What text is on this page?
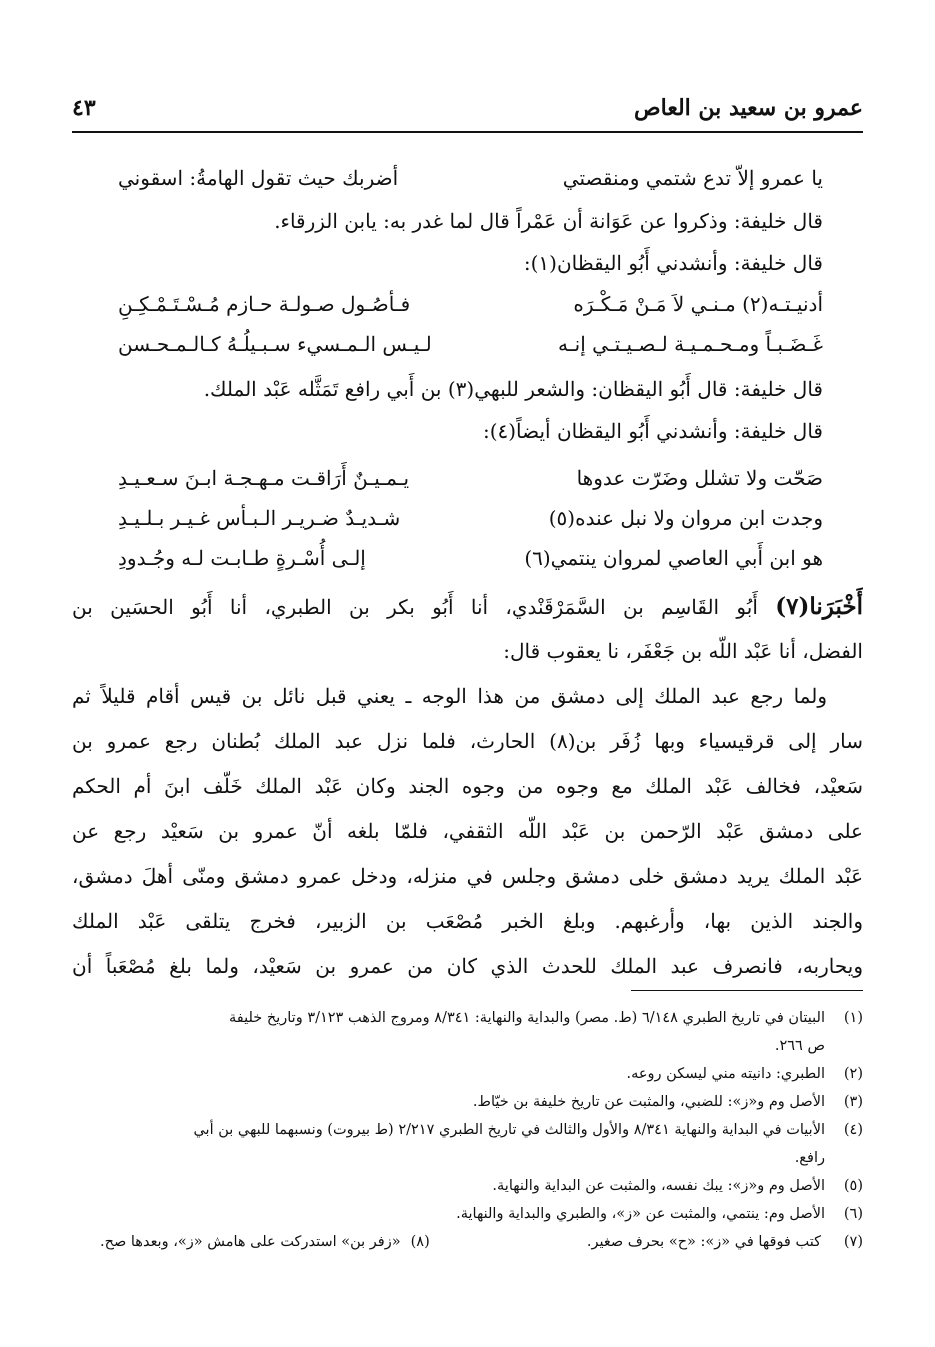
عمرو بن سعيد بن العاص
٤٣
يا عمرو إلاّ تدع شتمي ومنقصتي
أضربك حيث تقول الهامةُ: اسقوني
قال خليفة: وذكروا عن عَوَانة أن عَمْراً قال لما غدر به: يابن الزرقاء.
قال خليفة: وأنشدني أَبُو اليقظان(١):
أدنيـتـه(٢) مـنـي لاَ مَـنْ مَـكْـرَه
فـأصُـول صـولـة حـازم مُـسْـتَـمْـكِـنِ
غَـضَـبـاً ومـحـمـيـة لـصـيـتـي إنـه
لـيـس الـمـسيء سـبـيلُـهُ كـالـمـحـسن
قال خليفة: قال أَبُو اليقظان: والشعر للبهي(٣) بن أَبي رافع تَمَثَّله عَبْد الملك.
قال خليفة: وأنشدني أَبُو اليقظان أيضاً(٤):
صَحّت ولا تشلل وضَرّت عدوها
يـمـيـنٌ أَرَاقـت مـهـجـة ابـنَ سـعـيـدِ
وجدت ابن مروان ولا نبل عنده(٥)
شـديـدٌ ضـريـر الـبـأس غـيـر بـلـيـدِ
هو ابن أَبي العاصي لمروان ينتمي(٦)
إلـى أُسْـرةٍ طـابـت لـه وجُـدودِ
أَخْبَرَنا(٧) أَبُو القَاسِم بن السَّمَرْقَنْدي، أنا أَبُو بكر بن الطبري، أنا أَبُو الحسَين بن
الفضل، أنا عَبْد اللّه بن جَعْفَر، نا يعقوب قال:
ولما رجع عبد الملك إلى دمشق من هذا الوجه ـ يعني قبل نائل بن قيس أقام قليلاً ثم
سار إلى قرقيسياء وبها زُفَر بن(٨) الحارث، فلما نزل عبد الملك بُطنان رجع عمرو بن
سَعيْد، فخالف عَبْد الملك مع وجوه من وجوه الجند وكان عَبْد الملك خَلّف ابنَ أم الحكم
على دمشق عَبْد الرّحمن بن عَبْد اللّه الثقفي، فلمّا بلغه أنّ عمرو بن سَعيْد رجع عن
عَبْد الملك يريد دمشق خلى دمشق وجلس في منزله، ودخل عمرو دمشق ومنّى أهلَ دمشق،
والجند الذين بها، وأرغبهم. وبلغ الخبر مُصْعَب بن الزبير، فخرج يتلقى عَبْد الملك
ويحاربه، فانصرف عبد الملك للحدث الذي كان من عمرو بن سَعيْد، ولما بلغ مُصْعَباً أن
(١)
البيتان في تاريخ الطبري ٦/١٤٨ (ط. مصر) والبداية والنهاية: ٨/٣٤١ ومروج الذهب ٣/١٢٣ وتاريخ خليفة
ص ٢٦٦.
(٢)
الطبري: دانيته مني ليسكن روعه.
(٣)
الأصل وم و«ز»: للضبي، والمثبت عن تاريخ خليفة بن خيّاط.
(٤)
الأبيات في البداية والنهاية ٨/٣٤١ والأول والثالث في تاريخ الطبري ٢/٢١٧ (ط بيروت) ونسبهما للبهي بن أبي
رافع.
(٥)
الأصل وم و«ز»: يبك نفسه، والمثبت عن البداية والنهاية.
(٦)
الأصل وم: ينتمي، والمثبت عن «ز»، والطبري والبداية والنهاية.
(٧)
كتب فوقها في «ز»: «ح» بحرف صغير.
(٨)
«زفر بن» استدركت على هامش «ز»، وبعدها صح.
